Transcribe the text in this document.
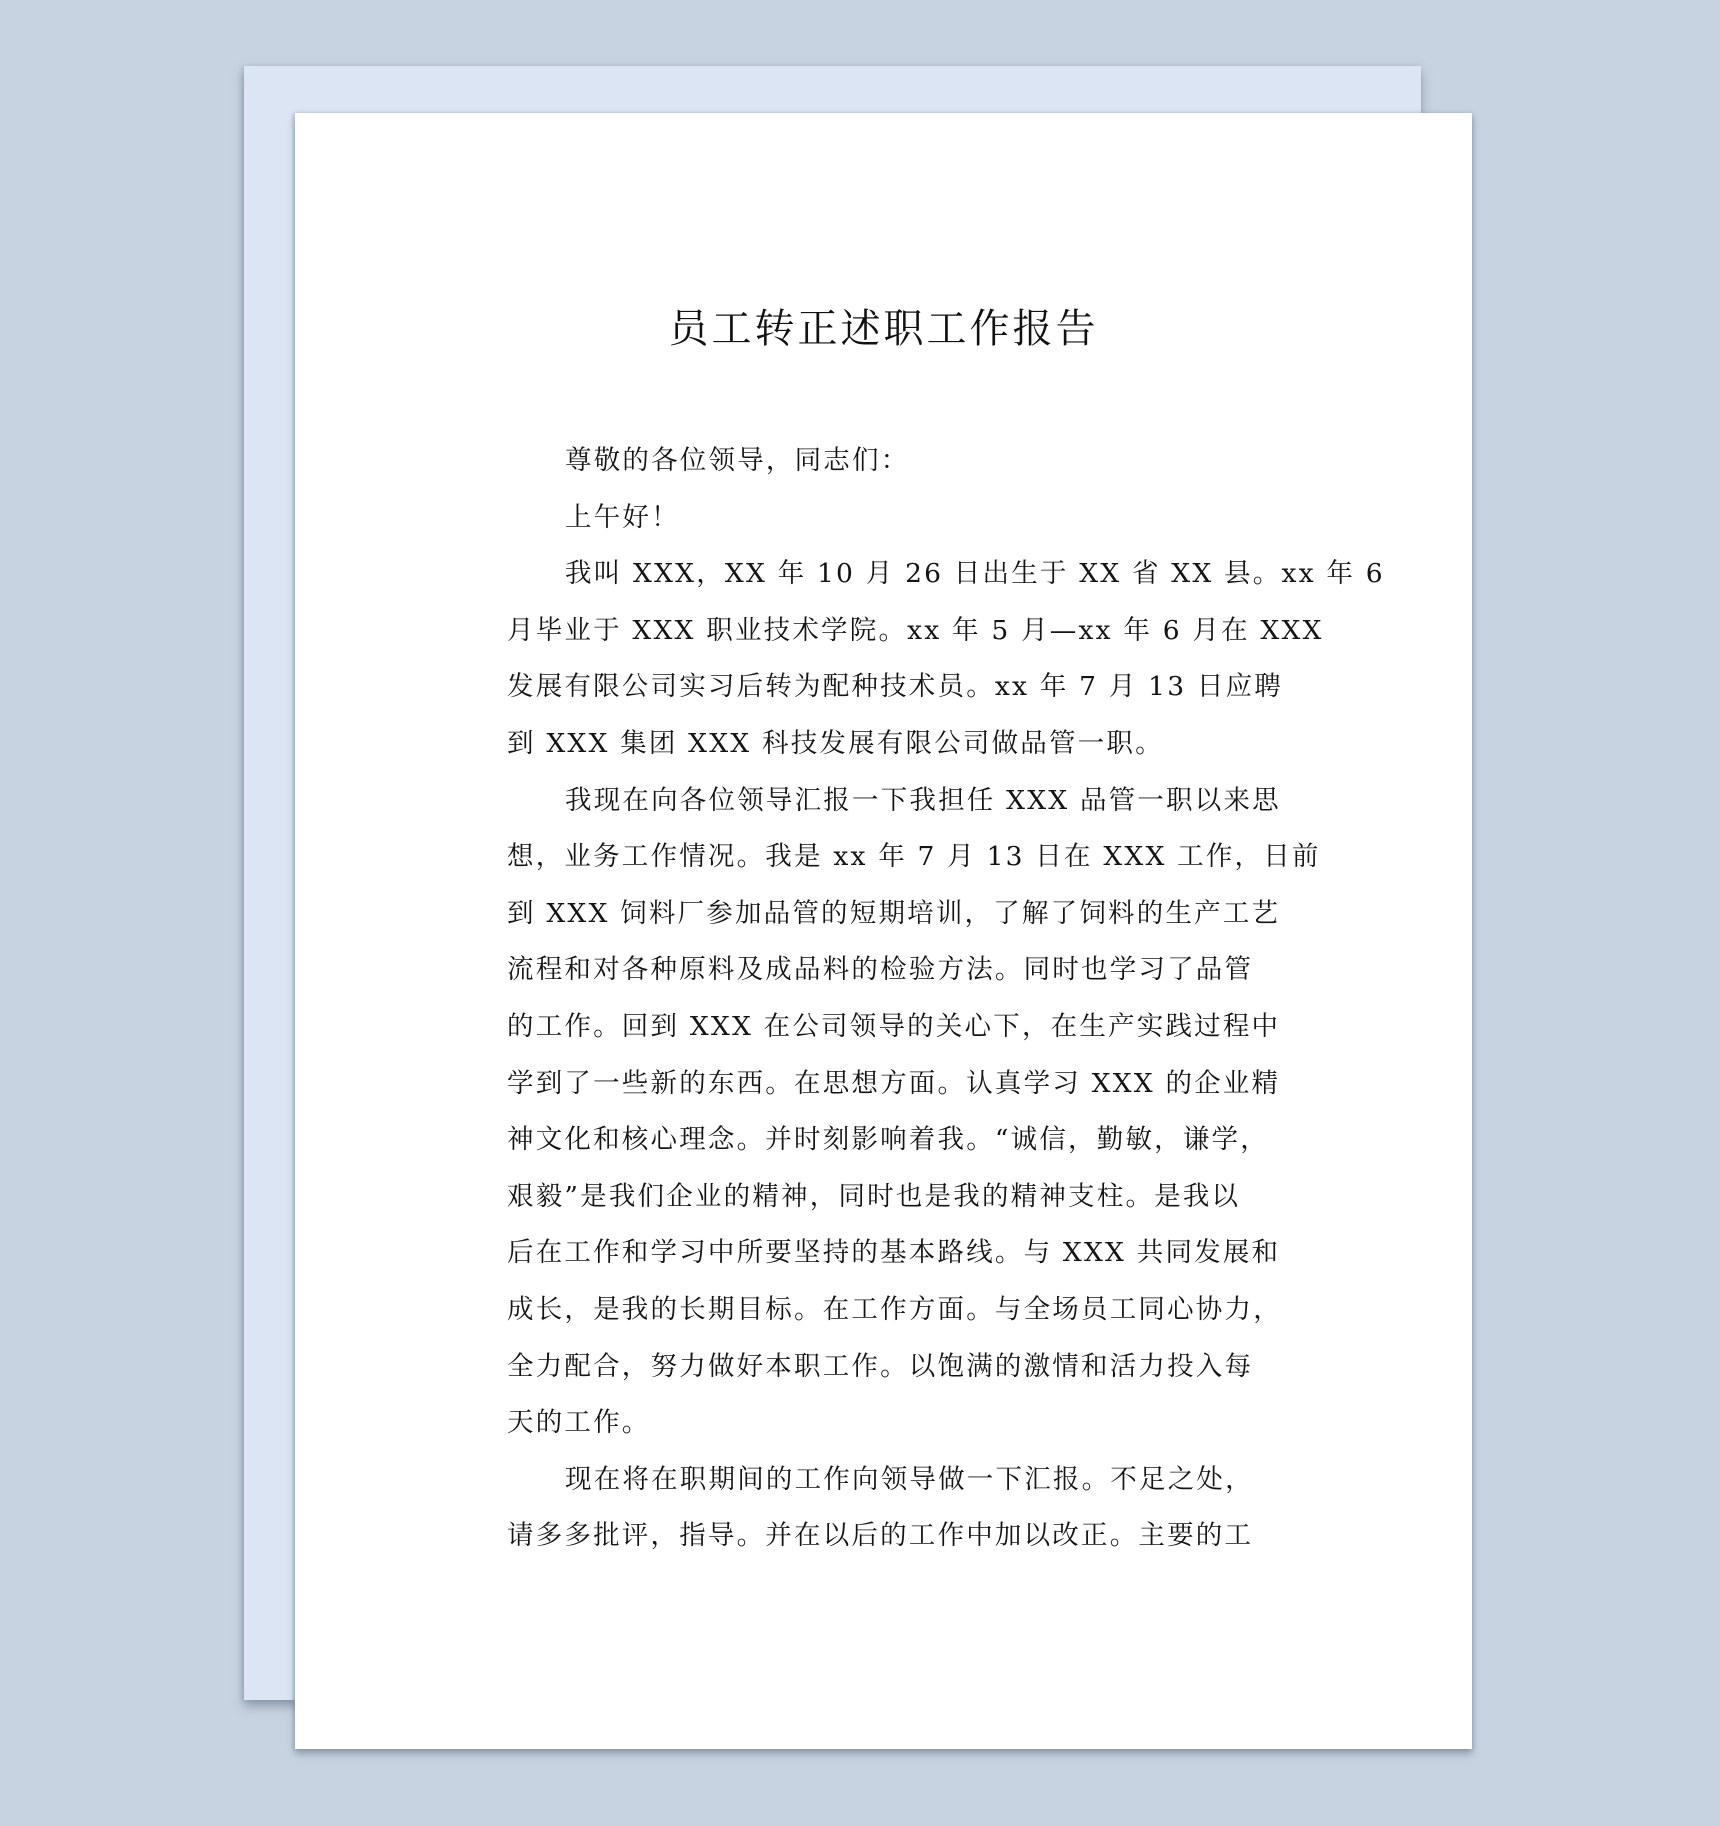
员工转正述职工作报告

尊敬的各位领导，同志们：

上午好！

我叫 XXX，XX 年 10 月 26 日出生于 XX 省 XX 县。xx 年 6

月毕业于 XXX 职业技术学院。xx 年 5 月—xx 年 6 月在 XXX

发展有限公司实习后转为配种技术员。xx 年 7 月 13 日应聘

到 XXX 集团 XXX 科技发展有限公司做品管一职。

我现在向各位领导汇报一下我担任 XXX 品管一职以来思

想，业务工作情况。我是 xx 年 7 月 13 日在 XXX 工作，日前

到 XXX 饲料厂参加品管的短期培训，了解了饲料的生产工艺

流程和对各种原料及成品料的检验方法。同时也学习了品管

的工作。回到 XXX 在公司领导的关心下，在生产实践过程中

学到了一些新的东西。在思想方面。认真学习 XXX 的企业精

神文化和核心理念。并时刻影响着我。“诚信，勤敏，谦学，

艰毅”是我们企业的精神，同时也是我的精神支柱。是我以

后在工作和学习中所要坚持的基本路线。与 XXX 共同发展和

成长，是我的长期目标。在工作方面。与全场员工同心协力，

全力配合，努力做好本职工作。以饱满的激情和活力投入每

天的工作。

现在将在职期间的工作向领导做一下汇报。不足之处，

请多多批评，指导。并在以后的工作中加以改正。主要的工
